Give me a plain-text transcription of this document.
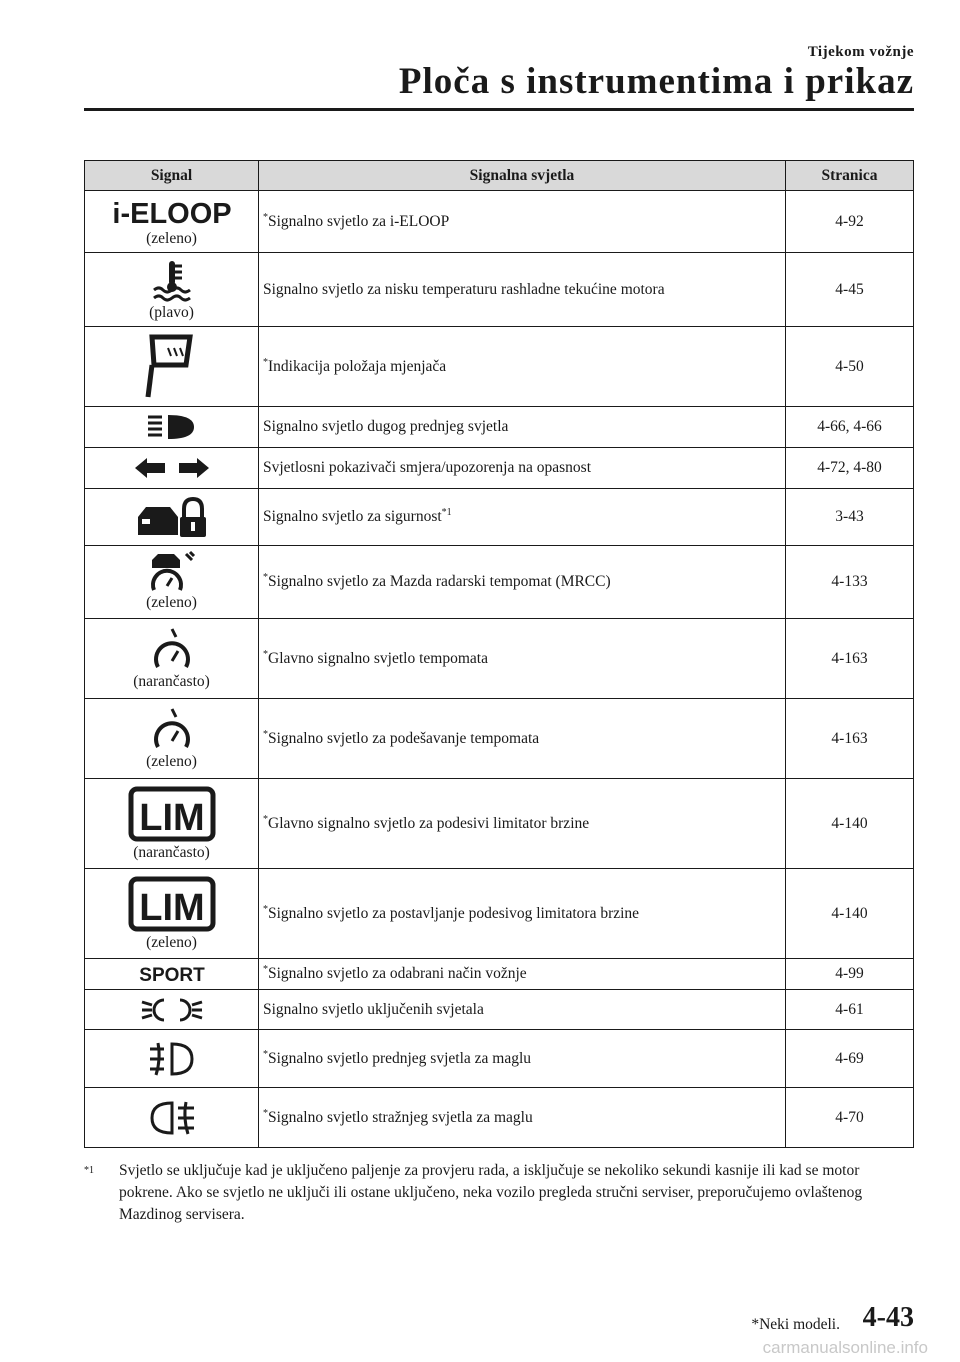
Tijekom vožnje
Ploča s instrumentima i prikaz
Signal	Signalna svjetla	Stranica

i-ELOOP
(zeleno)	*Signalno svjetlo za i-ELOOP	4-92

(plavo)	Signalno svjetlo za nisku temperaturu rashladne tekućine motora	4-45

	*Indikacija položaja mjenjača	4-50

	Signalno svjetlo dugog prednjeg svjetla	4-66, 4-66

	Svjetlosni pokazivači smjera/upozorenja na opasnost	4-72, 4-80

	Signalno svjetlo za sigurnost$^{*1}$	3-43

(zeleno)	*Signalno svjetlo za Mazda radarski tempomat (MRCC)	4-133

(narančasto)	*Glavno signalno svjetlo tempomata	4-163

(zeleno)	*Signalno svjetlo za podešavanje tempomata	4-163

LIM
(narančasto)	*Glavno signalno svjetlo za podesivi limitator brzine	4-140

LIM
(zeleno)	*Signalno svjetlo za postavljanje podesivog limitatora brzine	4-140

SPORT	*Signalno svjetlo za odabrani način vožnje	4-99

	Signalno svjetlo uključenih svjetala	4-61

	*Signalno svjetlo prednjeg svjetla za maglu	4-69

	*Signalno svjetlo stražnjeg svjetla za maglu	4-70
*1 Svjetlo se uključuje kad je uključeno paljenje za provjeru rada, a isključuje se nekoliko sekundi kasnije ili kad se motor pokrene. Ako se svjetlo ne uključi ili ostane uključeno, neka vozilo pregleda stručni serviser, preporučujemo ovlaštenog Mazdinog servisera.
*Neki modeli. 4-43
carmanualsonline.info
